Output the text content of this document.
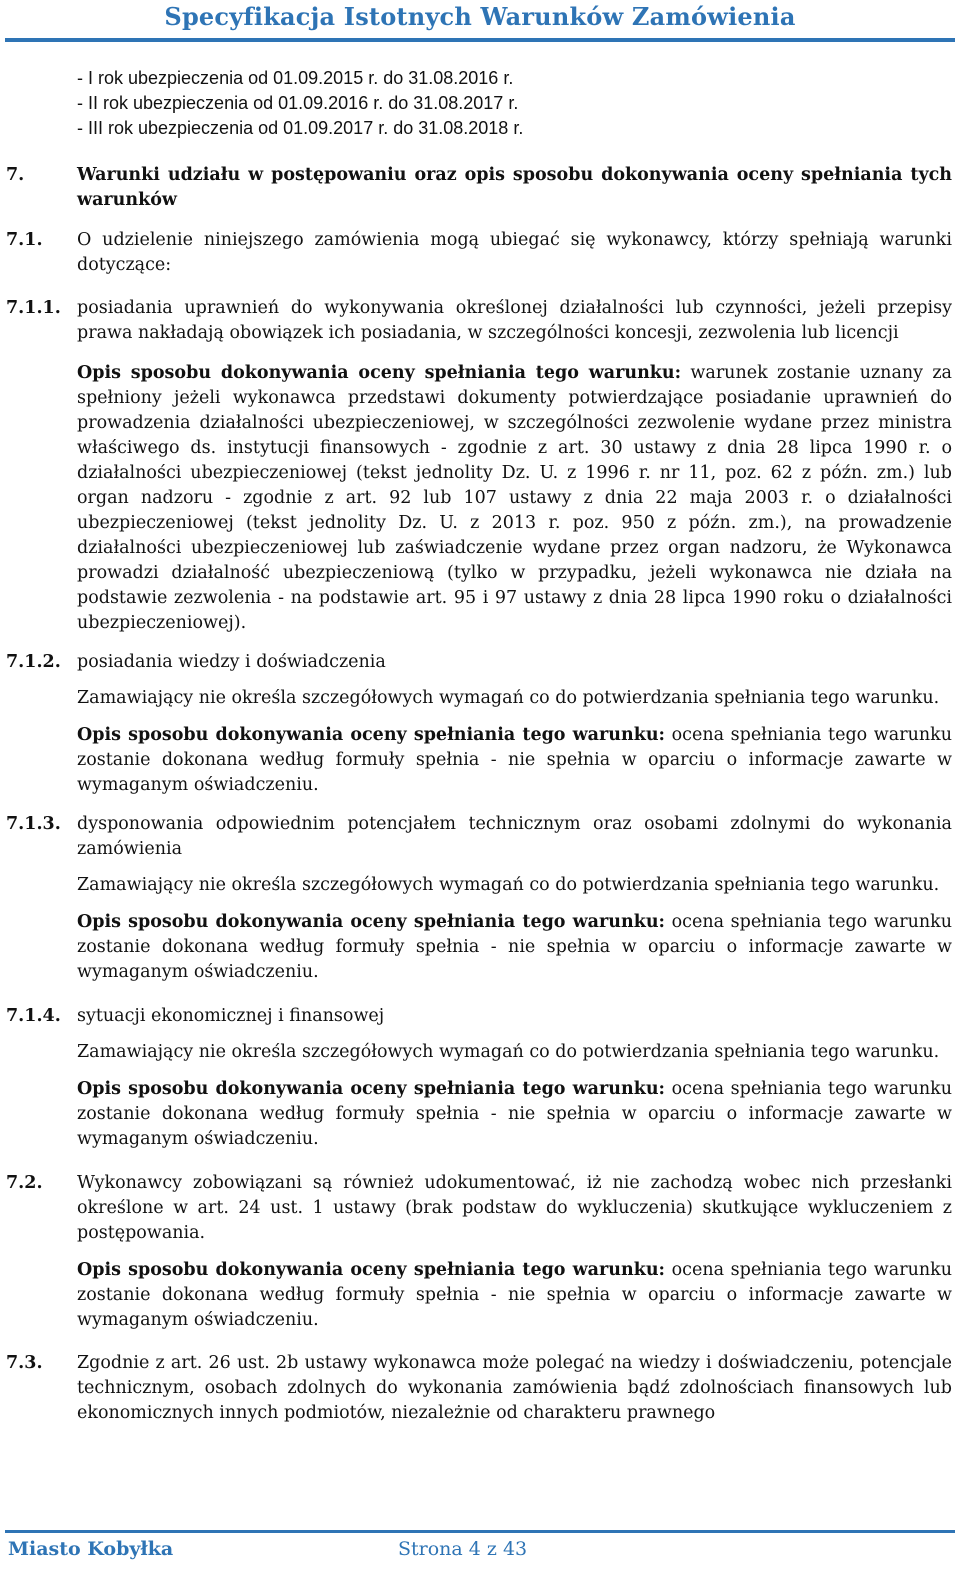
Specyfikacja Istotnych Warunków Zamówienia
- I rok ubezpieczenia od 01.09.2015 r. do 31.08.2016 r.
- II rok ubezpieczenia od 01.09.2016 r. do 31.08.2017 r.
- III rok ubezpieczenia od 01.09.2017 r. do 31.08.2018 r.
7.	Warunki udziału w postępowaniu oraz opis sposobu dokonywania oceny spełniania tych warunków
7.1.	O udzielenie niniejszego zamówienia mogą ubiegać się wykonawcy, którzy spełniają warunki dotyczące:
7.1.1. posiadania uprawnień do wykonywania określonej działalności lub czynności, jeżeli przepisy prawa nakładają obowiązek ich posiadania, w szczególności koncesji, zezwolenia lub licencji
Opis sposobu dokonywania oceny spełniania tego warunku: warunek zostanie uznany za spełniony jeżeli wykonawca przedstawi dokumenty potwierdzające posiadanie uprawnień do prowadzenia działalności ubezpieczeniowej, w szczególności zezwolenie wydane przez ministra właściwego ds. instytucji finansowych - zgodnie z art. 30 ustawy z dnia 28 lipca 1990 r. o działalności ubezpieczeniowej (tekst jednolity Dz. U. z 1996 r. nr 11, poz. 62 z późn. zm.) lub organ nadzoru - zgodnie z art. 92 lub 107 ustawy z dnia 22 maja 2003 r. o działalności ubezpieczeniowej (tekst jednolity Dz. U. z 2013 r. poz. 950 z późn. zm.), na prowadzenie działalności ubezpieczeniowej lub zaświadczenie wydane przez organ nadzoru, że Wykonawca prowadzi działalność ubezpieczeniową (tylko w przypadku, jeżeli wykonawca nie działa na podstawie zezwolenia - na podstawie art. 95 i 97 ustawy z dnia 28 lipca 1990 roku o działalności ubezpieczeniowej).
7.1.2. posiadania wiedzy i doświadczenia
Zamawiający nie określa szczegółowych wymagań co do potwierdzania spełniania tego warunku.
Opis sposobu dokonywania oceny spełniania tego warunku: ocena spełniania tego warunku zostanie dokonana według formuły spełnia - nie spełnia w oparciu o informacje zawarte w wymaganym oświadczeniu.
7.1.3. dysponowania odpowiednim potencjałem technicznym oraz osobami zdolnymi do wykonania zamówienia
Zamawiający nie określa szczegółowych wymagań co do potwierdzania spełniania tego warunku.
Opis sposobu dokonywania oceny spełniania tego warunku: ocena spełniania tego warunku zostanie dokonana według formuły spełnia - nie spełnia w oparciu o informacje zawarte w wymaganym oświadczeniu.
7.1.4. sytuacji ekonomicznej i finansowej
Zamawiający nie określa szczegółowych wymagań co do potwierdzania spełniania tego warunku.
Opis sposobu dokonywania oceny spełniania tego warunku: ocena spełniania tego warunku zostanie dokonana według formuły spełnia - nie spełnia w oparciu o informacje zawarte w wymaganym oświadczeniu.
7.2.	Wykonawcy zobowiązani są również udokumentować, iż nie zachodzą wobec nich przesłanki określone w art. 24 ust. 1 ustawy (brak podstaw do wykluczenia) skutkujące wykluczeniem z postępowania.
Opis sposobu dokonywania oceny spełniania tego warunku: ocena spełniania tego warunku zostanie dokonana według formuły spełnia - nie spełnia w oparciu o informacje zawarte w wymaganym oświadczeniu.
7.3.	Zgodnie z art. 26 ust. 2b ustawy wykonawca może polegać na wiedzy i doświadczeniu, potencjale technicznym, osobach zdolnych do wykonania zamówienia bądź zdolnościach finansowych lub ekonomicznych innych podmiotów, niezależnie od charakteru prawnego
Miasto Kobyłka	Strona 4 z 43
